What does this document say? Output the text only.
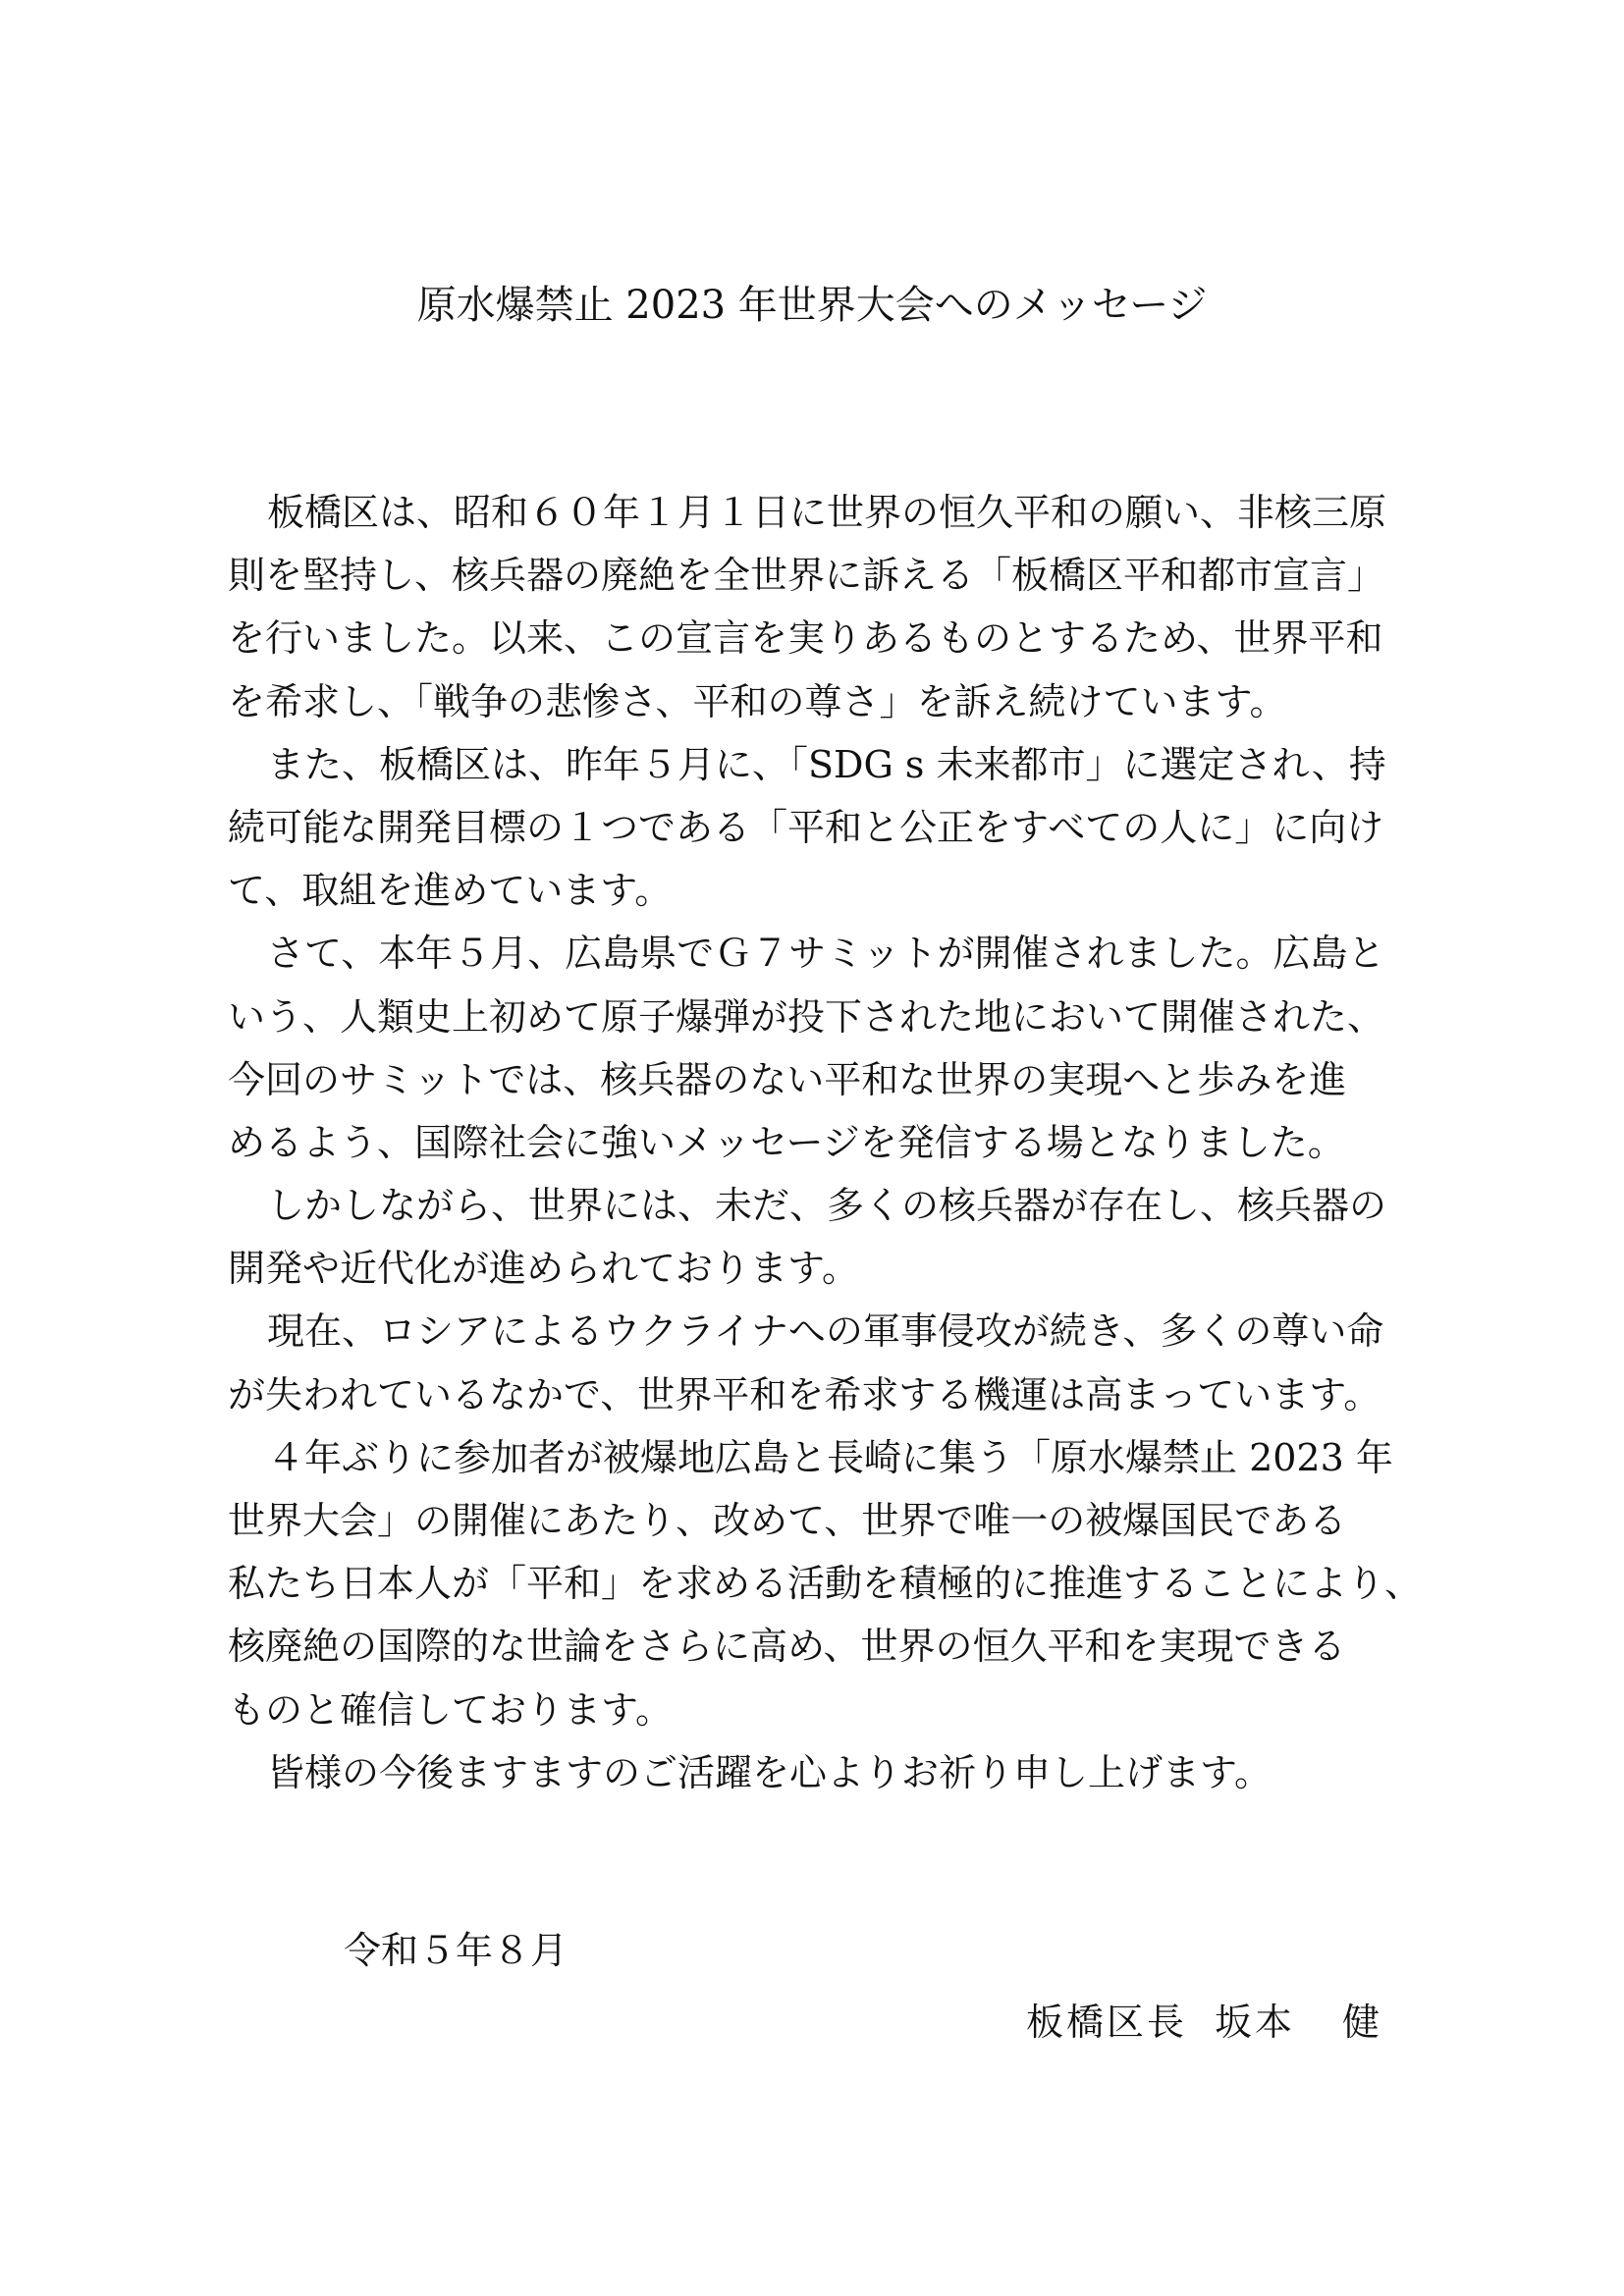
原水爆禁止 2023 年世界大会へのメッセージ
板橋区は、昭和６０年１月１日に世界の恒久平和の願い、非核三原
則を堅持し、核兵器の廃絶を全世界に訴える「板橋区平和都市宣言」
を行いました。以来、この宣言を実りあるものとするため、世界平和
を希求し、「戦争の悲惨さ、平和の尊さ」を訴え続けています。
また、板橋区は、昨年５月に、「SDG s 未来都市」に選定され、持
続可能な開発目標の１つである「平和と公正をすべての人に」に向け
て、取組を進めています。
さて、本年５月、広島県でＧ７サミットが開催されました。広島と
いう、人類史上初めて原子爆弾が投下された地において開催された、
今回のサミットでは、核兵器のない平和な世界の実現へと歩みを進
めるよう、国際社会に強いメッセージを発信する場となりました。
しかしながら、世界には、未だ、多くの核兵器が存在し、核兵器の
開発や近代化が進められております。
現在、ロシアによるウクライナへの軍事侵攻が続き、多くの尊い命
が失われているなかで、世界平和を希求する機運は高まっています。
４年ぶりに参加者が被爆地広島と長崎に集う「原水爆禁止 2023 年
世界大会」の開催にあたり、改めて、世界で唯一の被爆国民である
私たち日本人が「平和」を求める活動を積極的に推進することにより、
核廃絶の国際的な世論をさらに高め、世界の恒久平和を実現できる
ものと確信しております。
皆様の今後ますますのご活躍を心よりお祈り申し上げます。
令和５年８月
板橋区長 坂本 健
